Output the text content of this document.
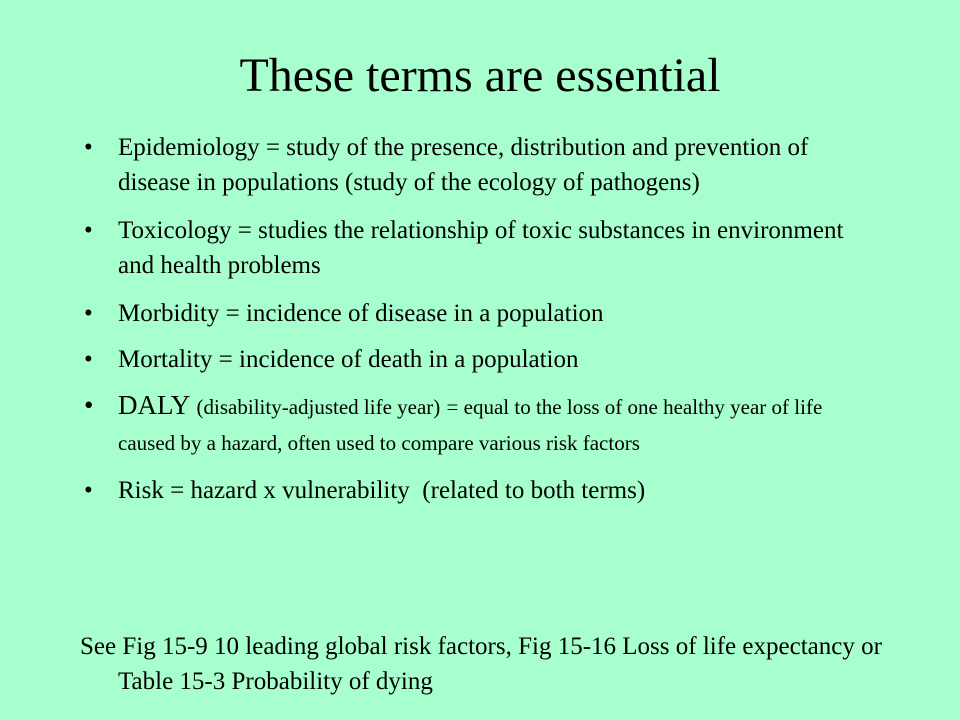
These terms are essential
• Epidemiology = study of the presence, distribution and prevention of disease in populations (study of the ecology of pathogens)
• Toxicology = studies the relationship of toxic substances in environment and health problems
• Morbidity = incidence of disease in a population
• Mortality = incidence of death in a population
• DALY (disability-adjusted life year) = equal to the loss of one healthy year of life caused by a hazard, often used to compare various risk factors
• Risk = hazard x vulnerability  (related to both terms)
See Fig 15-9 10 leading global risk factors, Fig 15-16 Loss of life expectancy or Table 15-3 Probability of dying
